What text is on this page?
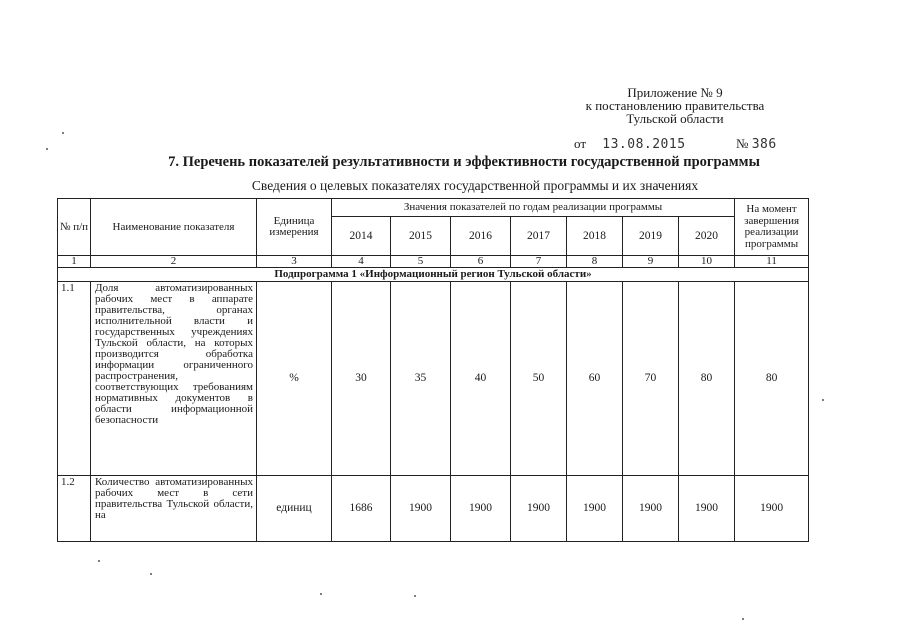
Приложение № 9
к постановлению правительства
Тульской области
от 13.08.2015	№ 386
7. Перечень показателей результативности и эффективности государственной программы
Сведения о целевых показателях государственной программы и их значениях
№ п/п	Наименование показателя	Единица измерения	Значения показателей по годам реализации программы							На момент завершения реализации программы
			2014	2015	2016	2017	2018	2019	2020	
1	2	3	4	5	6	7	8	9	10	11
Подпрограмма 1 «Информационный регион Тульской области»										
1.1	Доля автоматизированных рабочих мест в аппарате правительства, органах исполнительной власти и государственных учреждениях Тульской области, на которых производится обработка информации ограниченного распространения, соответствующих требованиям нормативных документов в области информационной безопасности	%	30	35	40	50	60	70	80	80
1.2	Количество автоматизированных рабочих мест в сети правительства Тульской области, на	единиц	1686	1900	1900	1900	1900	1900	1900	1900
